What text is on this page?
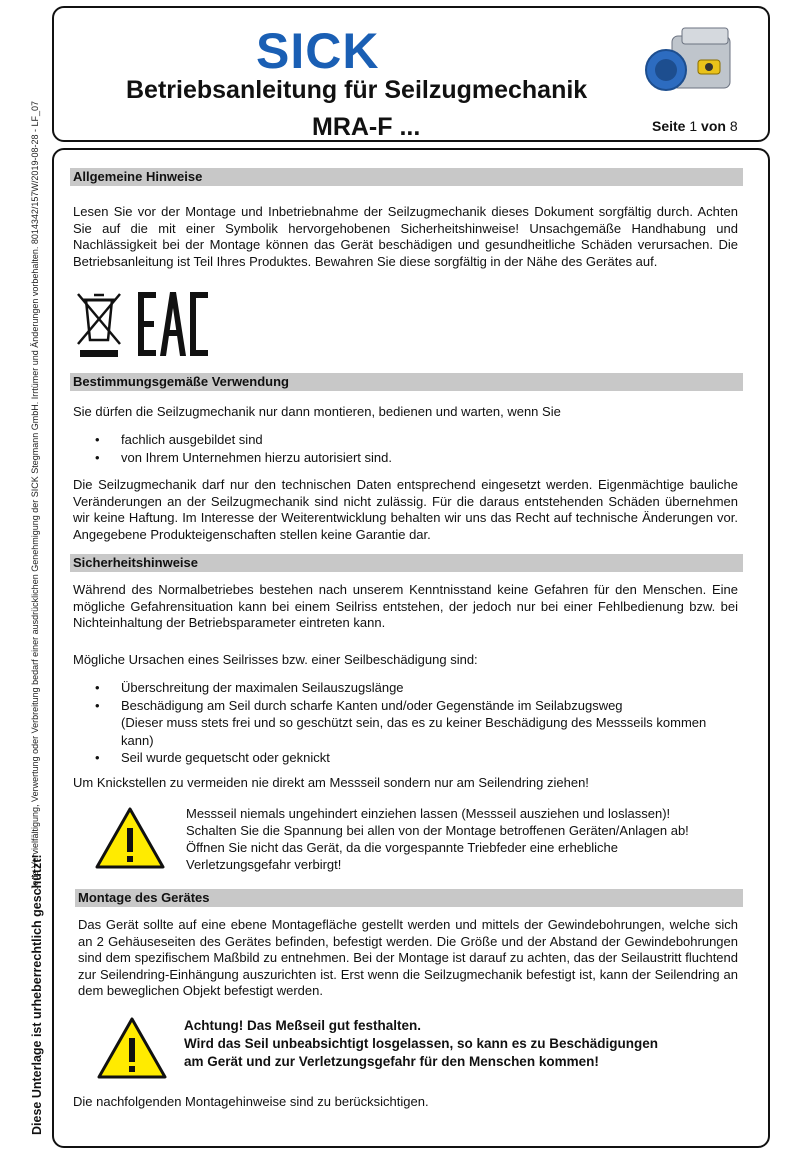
Jede Vervielfältigung, Verwertung oder Verbreitung bedarf einer ausdrücklichen Genehmigung der SICK Stegmann GmbH. Irrtümer und Änderungen vorbehalten. 8014342/157W/2019-08-28 - LF_07
Diese Unterlage ist urheberrechtlich geschützt!
SICK
Betriebsanleitung für Seilzugmechanik
MRA-F ...	Seite 1 von 8
Allgemeine Hinweise
Lesen Sie vor der Montage und Inbetriebnahme der Seilzugmechanik dieses Dokument sorgfältig durch. Achten Sie auf die mit einer Symbolik hervorgehobenen Sicherheitshinweise! Unsachgemäße Handhabung und Nachlässigkeit bei der Montage können das Gerät beschädigen und gesundheitliche Schäden verursachen. Die Betriebsanleitung ist Teil Ihres Produktes. Bewahren Sie diese sorgfältig in der Nähe des Gerätes auf.
EAC
Bestimmungsgemäße Verwendung
Sie dürfen die Seilzugmechanik nur dann montieren, bedienen und warten, wenn Sie
• fachlich ausgebildet sind
• von Ihrem Unternehmen hierzu autorisiert sind.
Die Seilzugmechanik darf nur den technischen Daten entsprechend eingesetzt werden. Eigenmächtige bauliche Veränderungen an der Seilzugmechanik sind nicht zulässig. Für die daraus entstehenden Schäden übernehmen wir keine Haftung. Im Interesse der Weiterentwicklung behalten wir uns das Recht auf technische Änderungen vor. Angegebene Produkteigenschaften stellen keine Garantie dar.
Sicherheitshinweise
Während des Normalbetriebes bestehen nach unserem Kenntnisstand keine Gefahren für den Menschen. Eine mögliche Gefahrensituation kann bei einem Seilriss entstehen, der jedoch nur bei einer Fehlbedienung bzw. bei Nichteinhaltung der Betriebsparameter eintreten kann.
Mögliche Ursachen eines Seilrisses bzw. einer Seilbeschädigung sind:
• Überschreitung der maximalen Seilauszugslänge
• Beschädigung am Seil durch scharfe Kanten und/oder Gegenstände im Seilabzugsweg
(Dieser muss stets frei und so geschützt sein, das es zu keiner Beschädigung des Messseils kommen kann)
• Seil wurde gequetscht oder geknickt
Um Knickstellen zu vermeiden nie direkt am Messseil sondern nur am Seilendring ziehen!
Messseil niemals ungehindert einziehen lassen (Messseil ausziehen und loslassen)!
Schalten Sie die Spannung bei allen von der Montage betroffenen Geräten/Anlagen ab!
Öffnen Sie nicht das Gerät, da die vorgespannte Triebfeder eine erhebliche
Verletzungsgefahr verbirgt!
Montage des Gerätes
Das Gerät sollte auf eine ebene Montagefläche gestellt werden und mittels der Gewindebohrungen, welche sich an 2 Gehäuseseiten des Gerätes befinden, befestigt werden. Die Größe und der Abstand der Gewindebohrungen sind dem spezifischem Maßbild zu entnehmen. Bei der Montage ist darauf zu achten, das der Seilaustritt fluchtend zur Seilendring-Einhängung auszurichten ist. Erst wenn die Seilzugmechanik befestigt ist, kann der Seilendring an dem beweglichen Objekt befestigt werden.
Achtung! Das Meßseil gut festhalten.
Wird das Seil unbeabsichtigt losgelassen, so kann es zu Beschädigungen
am Gerät und zur Verletzungsgefahr für den Menschen kommen!
Die nachfolgenden Montagehinweise sind zu berücksichtigen.
